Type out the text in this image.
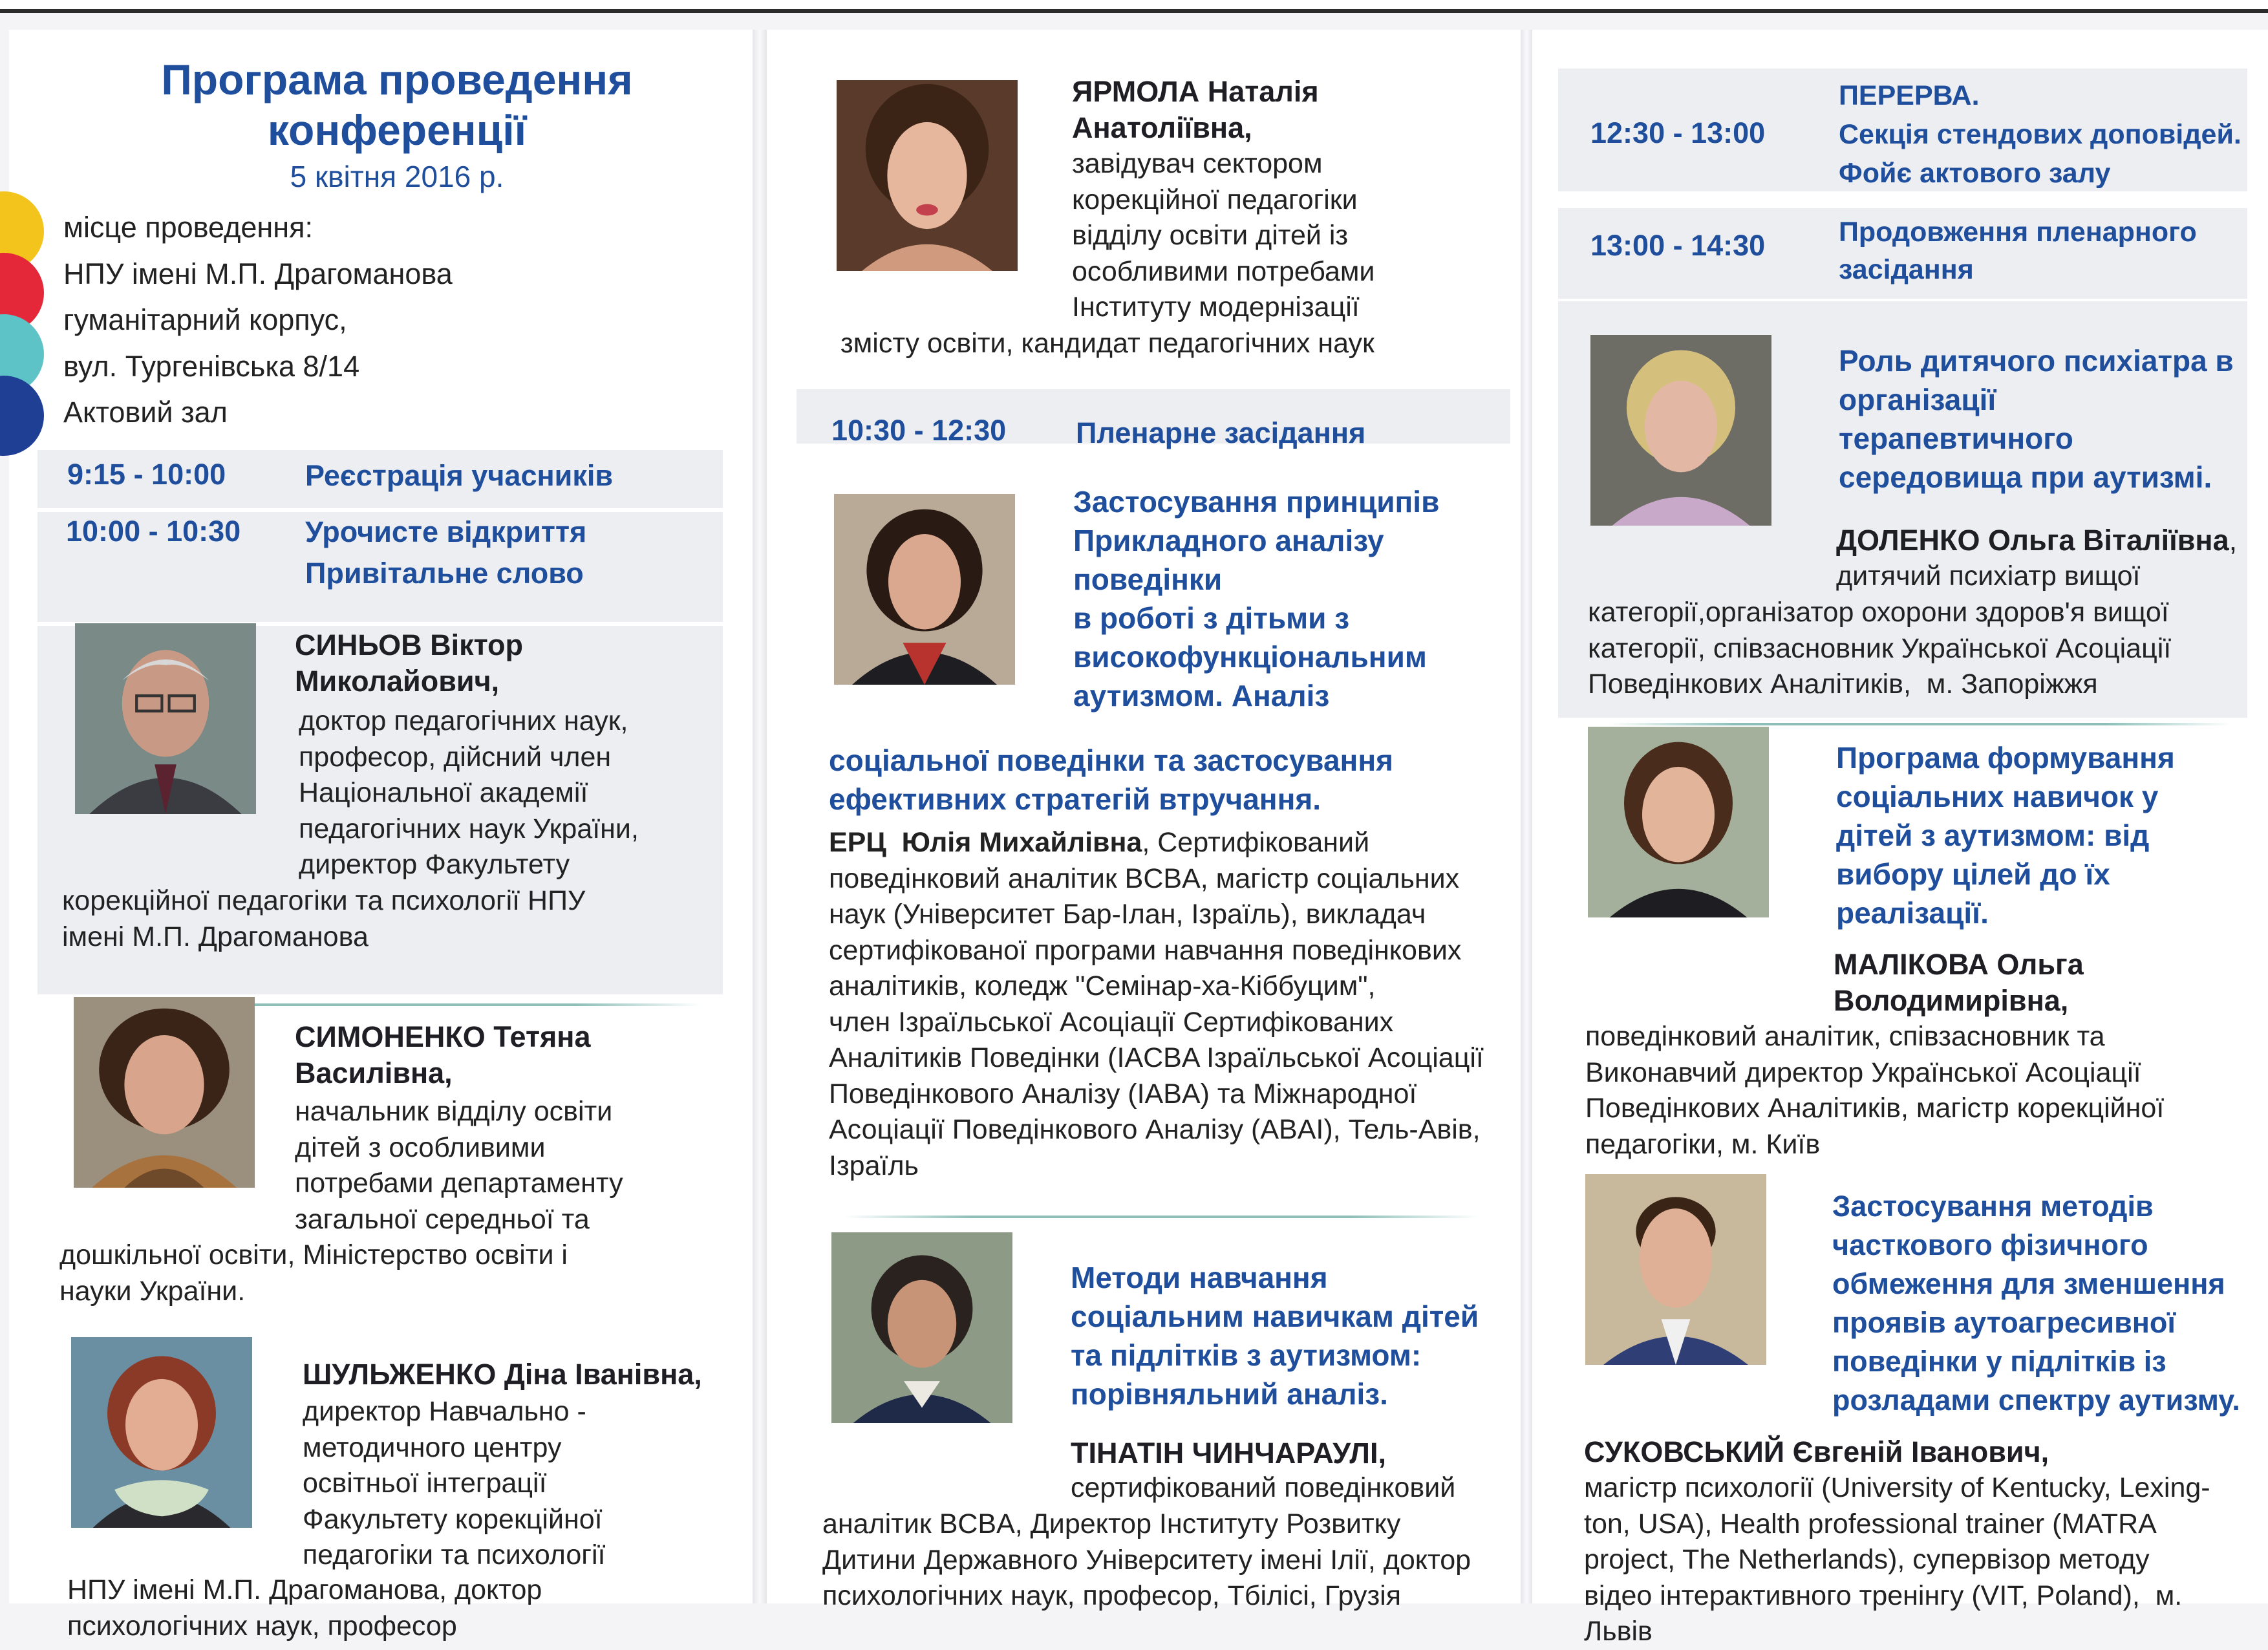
Програма проведення
конференції
5 квітня 2016 р.
місце проведення:
НПУ імені М.П. Драгоманова
гуманітарний корпус,
вул. Тургенівська 8/14
Актовий зал
9:15 - 10:00	Реєстрація учасників
10:00 - 10:30 Урочисте відкриття
Привітальне слово
СИНЬОВ Віктор
Миколайович,

доктор педагогічних наук,

професор, дійсний член

Національної академії

педагогічних наук України,

директор Факультету

корекційної педагогіки та психології НПУ

імені М.П. Драгоманова

СИМОНЕНКО Тетяна
Василівна,

начальник відділу освіти

дітей з особливими

потребами департаменту

загальної середньої та

дошкільної освіти, Міністерство освіти і

науки України.

ШУЛЬЖЕНКО Діна Іванівна,

директор Навчально -

методичного центру

освітньої інтеграції

Факультету корекційної

педагогіки та психології

НПУ імені М.П. Драгоманова, доктор

психологічних наук, професор

ЯРМОЛА Наталія
Анатоліївна,

завідувач сектором

корекційної педагогіки

відділу освіти дітей із

особливими потребами

Інституту модернізації

змісту освіти, кандидат педагогічних наук

10:30 - 12:30 Пленарне засідання
Застосування принципів
Прикладного аналізу
поведінки
в роботі з дітьми з
високофункціональним
аутизмом. Аналіз
соціальної поведінки та застосування
ефективних стратегій втручання.

ЕРЦ  Юлія Михайлівна, Сертифікований

поведінковий аналітик BCBA, магістр соціальних

наук (Університет Бар-Ілан, Ізраїль), викладач

сертифікованої програми навчання поведінкових

аналітиків, коледж "Семінар-ха-Кіббуцим",

член Ізраїльської Асоціації Сертифікованих

Аналітиків Поведінки (IACBA Ізраїльської Асоціації

Поведінкового Аналізу (IABA) та Міжнародної

Асоціації Поведінкового Аналізу (ABAI), Тель-Авів,

Ізраїль

Методи навчання
соціальним навичкам дітей
та підлітків з аутизмом:
порівняльний аналіз.
ТІНАТІН ЧИНЧАРАУЛІ,

сертифікований поведінковий

аналітик BCBA, Директор Інституту Розвитку

Дитини Державного Університету імені Ілії, доктор

психологічних наук, професор, Тбілісі, Грузія

12:30 - 13:00
ПЕРЕРВА.
Секція стендових доповідей.
Фойє актового залу
13:00 - 14:30	Продовження пленарного
засідання
Роль дитячого психіатра в
організації
терапевтичного
середовища при аутизмі.
ДОЛЕНКО Ольга Віталіївна,

дитячий психіатр вищої

категорії,організатор охорони здоров'я вищої

категорії, співзасновник Української Асоціації

Поведінкових Аналітиків,  м. Запоріжжя

Програма формування
соціальних навичок у
дітей з аутизмом: від
вибору цілей до їх
реалізації.
МАЛІКОВА Ольга
Володимирівна,

поведінковий аналітик, співзасновник та

Виконавчий директор Української Асоціації

Поведінкових Аналітиків, магістр корекційної

педагогіки, м. Київ

Застосування методів
часткового фізичного
обмеження для зменшення
проявів аутоагресивної
поведінки у підлітків із
розладами спектру аутизму.
СУКОВСЬКИЙ Євгеній Іванович,

магістр психології (University of Kentucky, Lexing-

ton, USA), Health professional trainer (MATRA

project, The Netherlands), супервізор методу

відео інтерактивного тренінгу (VIT, Poland),  м.

Львів
